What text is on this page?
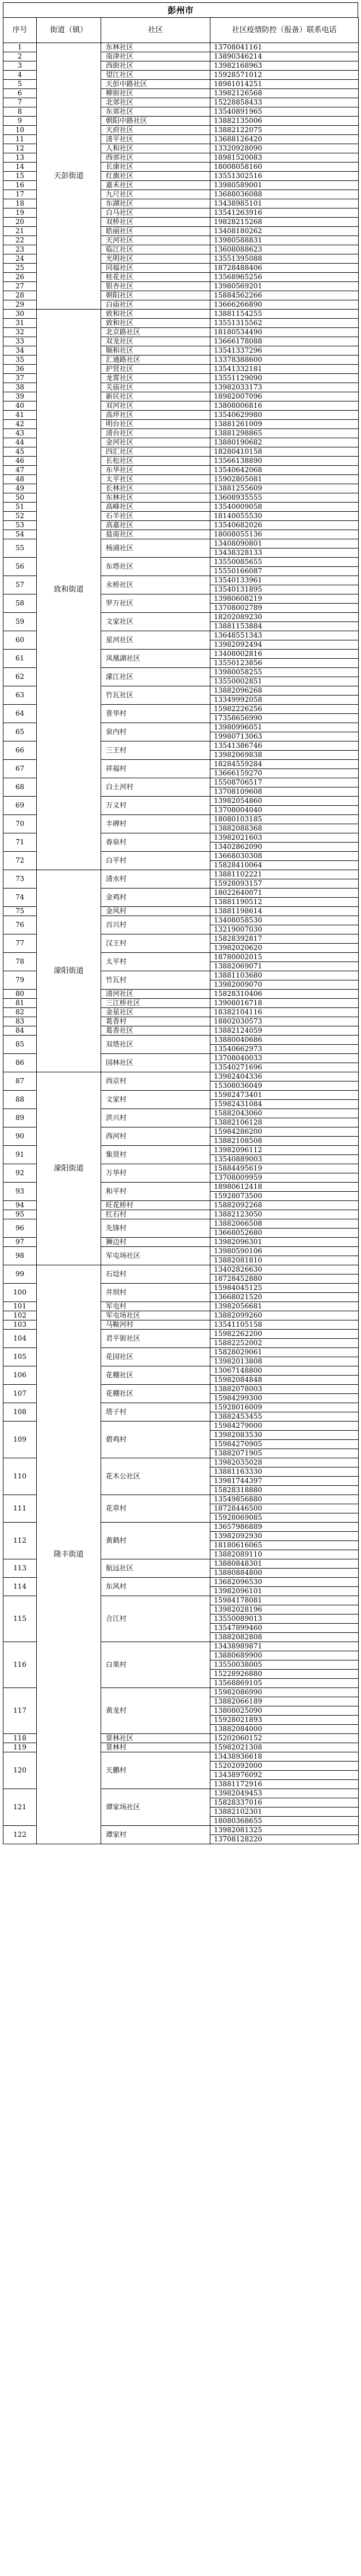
彭州市
序号	街道（镇）	社区	社区疫情防控（报备）联系电话
1	天彭街道	东林社区	13708041161
2		南津社区	13890346214
3		西街社区	13982168963
4		望江社区	15928571012
5		天彭中路社区	18981014251
6		柳街社区	13982126568
7		北郊社区	15228858433
8		东郊社区	13540891965
9		朝阳中路社区	13882135006
10		天府社区	13882122075
11		清平社区	13688126420
12		人和社区	13320928090
13		西郊社区	18981520083
14		长康社区	18008058160
15		红旗社区	13551302516
16		嘉禾社区	13980589001
17		九尺社区	13688036088
18		东湖社区	13438985101
19		白马社区	13541263916
20		双桥社区	19828215268
21		皓丽社区	13408180262
22		天河社区	13980588831
23		临江社区	13608088623
24		光明社区	13551395088
25		同福社区	18728488406
26		桂花社区	13568965256
27		银杏社区	13980569201
28		朝阳社区	15884562266
29		白庙社区	13666266890
30	致和街道	致和社区	13881154255
31		致和社区	13551315562
32		北京路社区	18180534490
33		双龙社区	13666178088
34		顺和社区	13541337296
35		汇通路社区	13378388600
36		护贤社区	13541332181
37		龙霄社区	13551129090
38		关庙社区	13982033173
39		新民社区	18982007096
40		双河社区	13808006816
41		高坪社区	13540629980
42		明台社区	13881261009
43		清台社区	13881298865
44		金河社区	13880190682
45		四汇社区	18280410158
46		长松社区	13566138890
47		东华社区	13540642068
48		太平社区	15902805081
49		长林社区	13881255609
50		东林社区	13608935555
51		高峰社区	13540009058
52		石羊社区	18140055530
53		高嘉社区	13540682026
54		盐南社区	18008055136
55		杨浦社区	13408090801
			13438328133
56		东塔社区	13550085655
			15550166087
57		永桥社区	13540133961
			13540131895
58		罗万社区	13980608219
			13708002789
59		文家社区	18202089230
			13881153884
60		星河社区	13648551343
			13982092494
61		凤凰湖社区	13408002816
			13550123856
62		濛江社区	13980058255
			13550002851
63		竹瓦社区	13882096268
			13349992058
64		普华村	15982226256
			17358656990
65		泉内村	13980996051
			19980713063
66		三王村	13541386746
			13982069838
67		祥福村	18284559284
			13666159270
68		白土河村	15508706517
			13708109608
69		万义村	13982054860
			13708004040
70		丰碑村	18080103185
			13882088368
71		春泉村	13982021603
			13402862090
72		白平村	13668030308
			15828410064
73	濛阳街道	清水村	13881102221
			15928093157
74		金鸡村	18022640071
			13881190512
75		金风村	13881198614
76		百兴村	13408058530
			13219007030
77		汉王村	15828392817
			13982020620
78		太平村	18780002015
			13882069071
79		竹瓦村	13881103680
			13982009070
80		清河社区	15828310406
81		三江桥社区	13908016718
82		金星社区	18382104116
83		葛香村	18802030573
84		葛香社区	13882124059
85		双塔社区	13880040686
			13540662973
86		园林社区	13708040033
			13540271696
87	濛阳街道	西京村	13982404336
			15308036049
88		文家村	15982473401
			15982431084
89		洪兴村	15882043060
			13882106128
90		西河村	15984286200
			13882108508
91		集贤村	13982096112
			13540889003
92		万华村	15884495619
			13708009959
93		和平村	18980612418
			15928073500
94		旺花桥村	15882092268
95		红石村	13882123050
96		先锋村	13882066508
			13668052680
97		狮边村	13982096301
98		军屯场社区	13980590106
			13882081810
99	隆丰街道	石埝村	13402826630
			18728452880
100		井坝村	15984045125
			13668021520
101		军屯村	13982056681
102		军屯场社区	13882099260
103		马鞍河村	13541105158
104		君平街社区	15982262200
			15882252002
105		花园社区	15828029061
			13982013808
106		花棚社区	13067148800
			15982084848
107		花棚社区	13882078003
			15984299300
108		塔子村	15928016009
			13882453455
109		碧鸡村	15984279000
			13982083530
			15984270905
			13882071905
110		花木公社区	13982035028
			13881163330
			13981744397
			15828318880
111		花草村	13549856880
			18728446500
			15928069085
112		黄鹤村	13657986889
			13982092930
			18180616065
			13882089110
113		航远社区	13880848301
			13880884800
114		东风村	13682096530
			13982096101
115		合江村	15984178081
			13982028196
			13550089013
			13547899460
			13882082808
116		白果村	13438989871
			13880689900
			13550038005
			15228926880
			13568869105
117		黄龙村	15982086990
			13882066189
			13808025090
			15928021893
			13882084000
118		景林社区	15202060152
119		景林村	15982021308
120		天鹏村	13438936618
			15202092000
			13438976092
			13881172916
121		谭家场社区	13982049453
			15828337016
			13882102301
			18080368655
122		谭家村	13982081325
			13708128220
